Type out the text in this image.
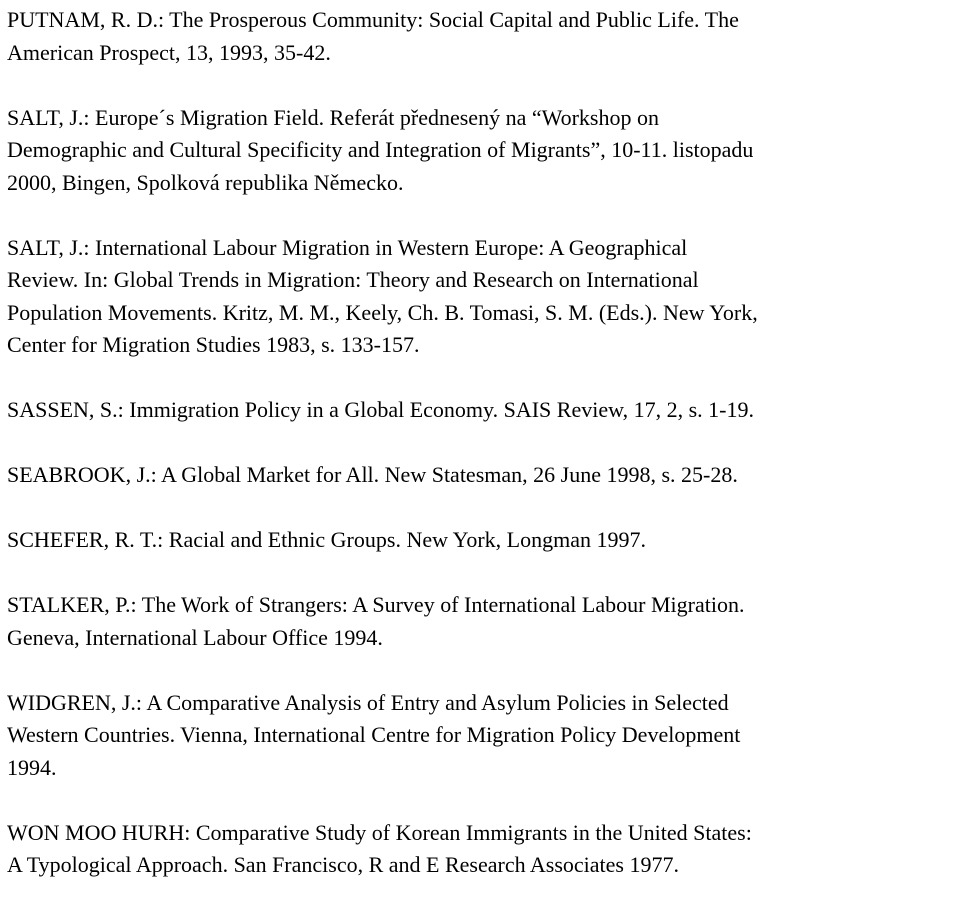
PUTNAM, R. D.: The Prosperous Community: Social Capital and Public Life. The
American Prospect, 13, 1993, 35-42.
SALT, J.: Europe´s Migration Field. Referát přednesený na “Workshop on
Demographic and Cultural Specificity and Integration of Migrants”, 10-11. listopadu
2000, Bingen, Spolková republika Německo.
SALT, J.: International Labour Migration in Western Europe: A Geographical
Review. In: Global Trends in Migration: Theory and Research on International
Population Movements. Kritz, M. M., Keely, Ch. B. Tomasi, S. M. (Eds.). New York,
Center for Migration Studies 1983, s. 133-157.
SASSEN, S.: Immigration Policy in a Global Economy. SAIS Review, 17, 2, s. 1-19.
SEABROOK, J.: A Global Market for All. New Statesman, 26 June 1998, s. 25-28.
SCHEFER, R. T.: Racial and Ethnic Groups. New York, Longman 1997.
STALKER, P.: The Work of Strangers: A Survey of International Labour Migration.
Geneva, International Labour Office 1994.
WIDGREN, J.: A Comparative Analysis of Entry and Asylum Policies in Selected
Western Countries. Vienna, International Centre for Migration Policy Development
1994.
WON MOO HURH: Comparative Study of Korean Immigrants in the United States:
A Typological Approach. San Francisco, R and E Research Associates 1977.
